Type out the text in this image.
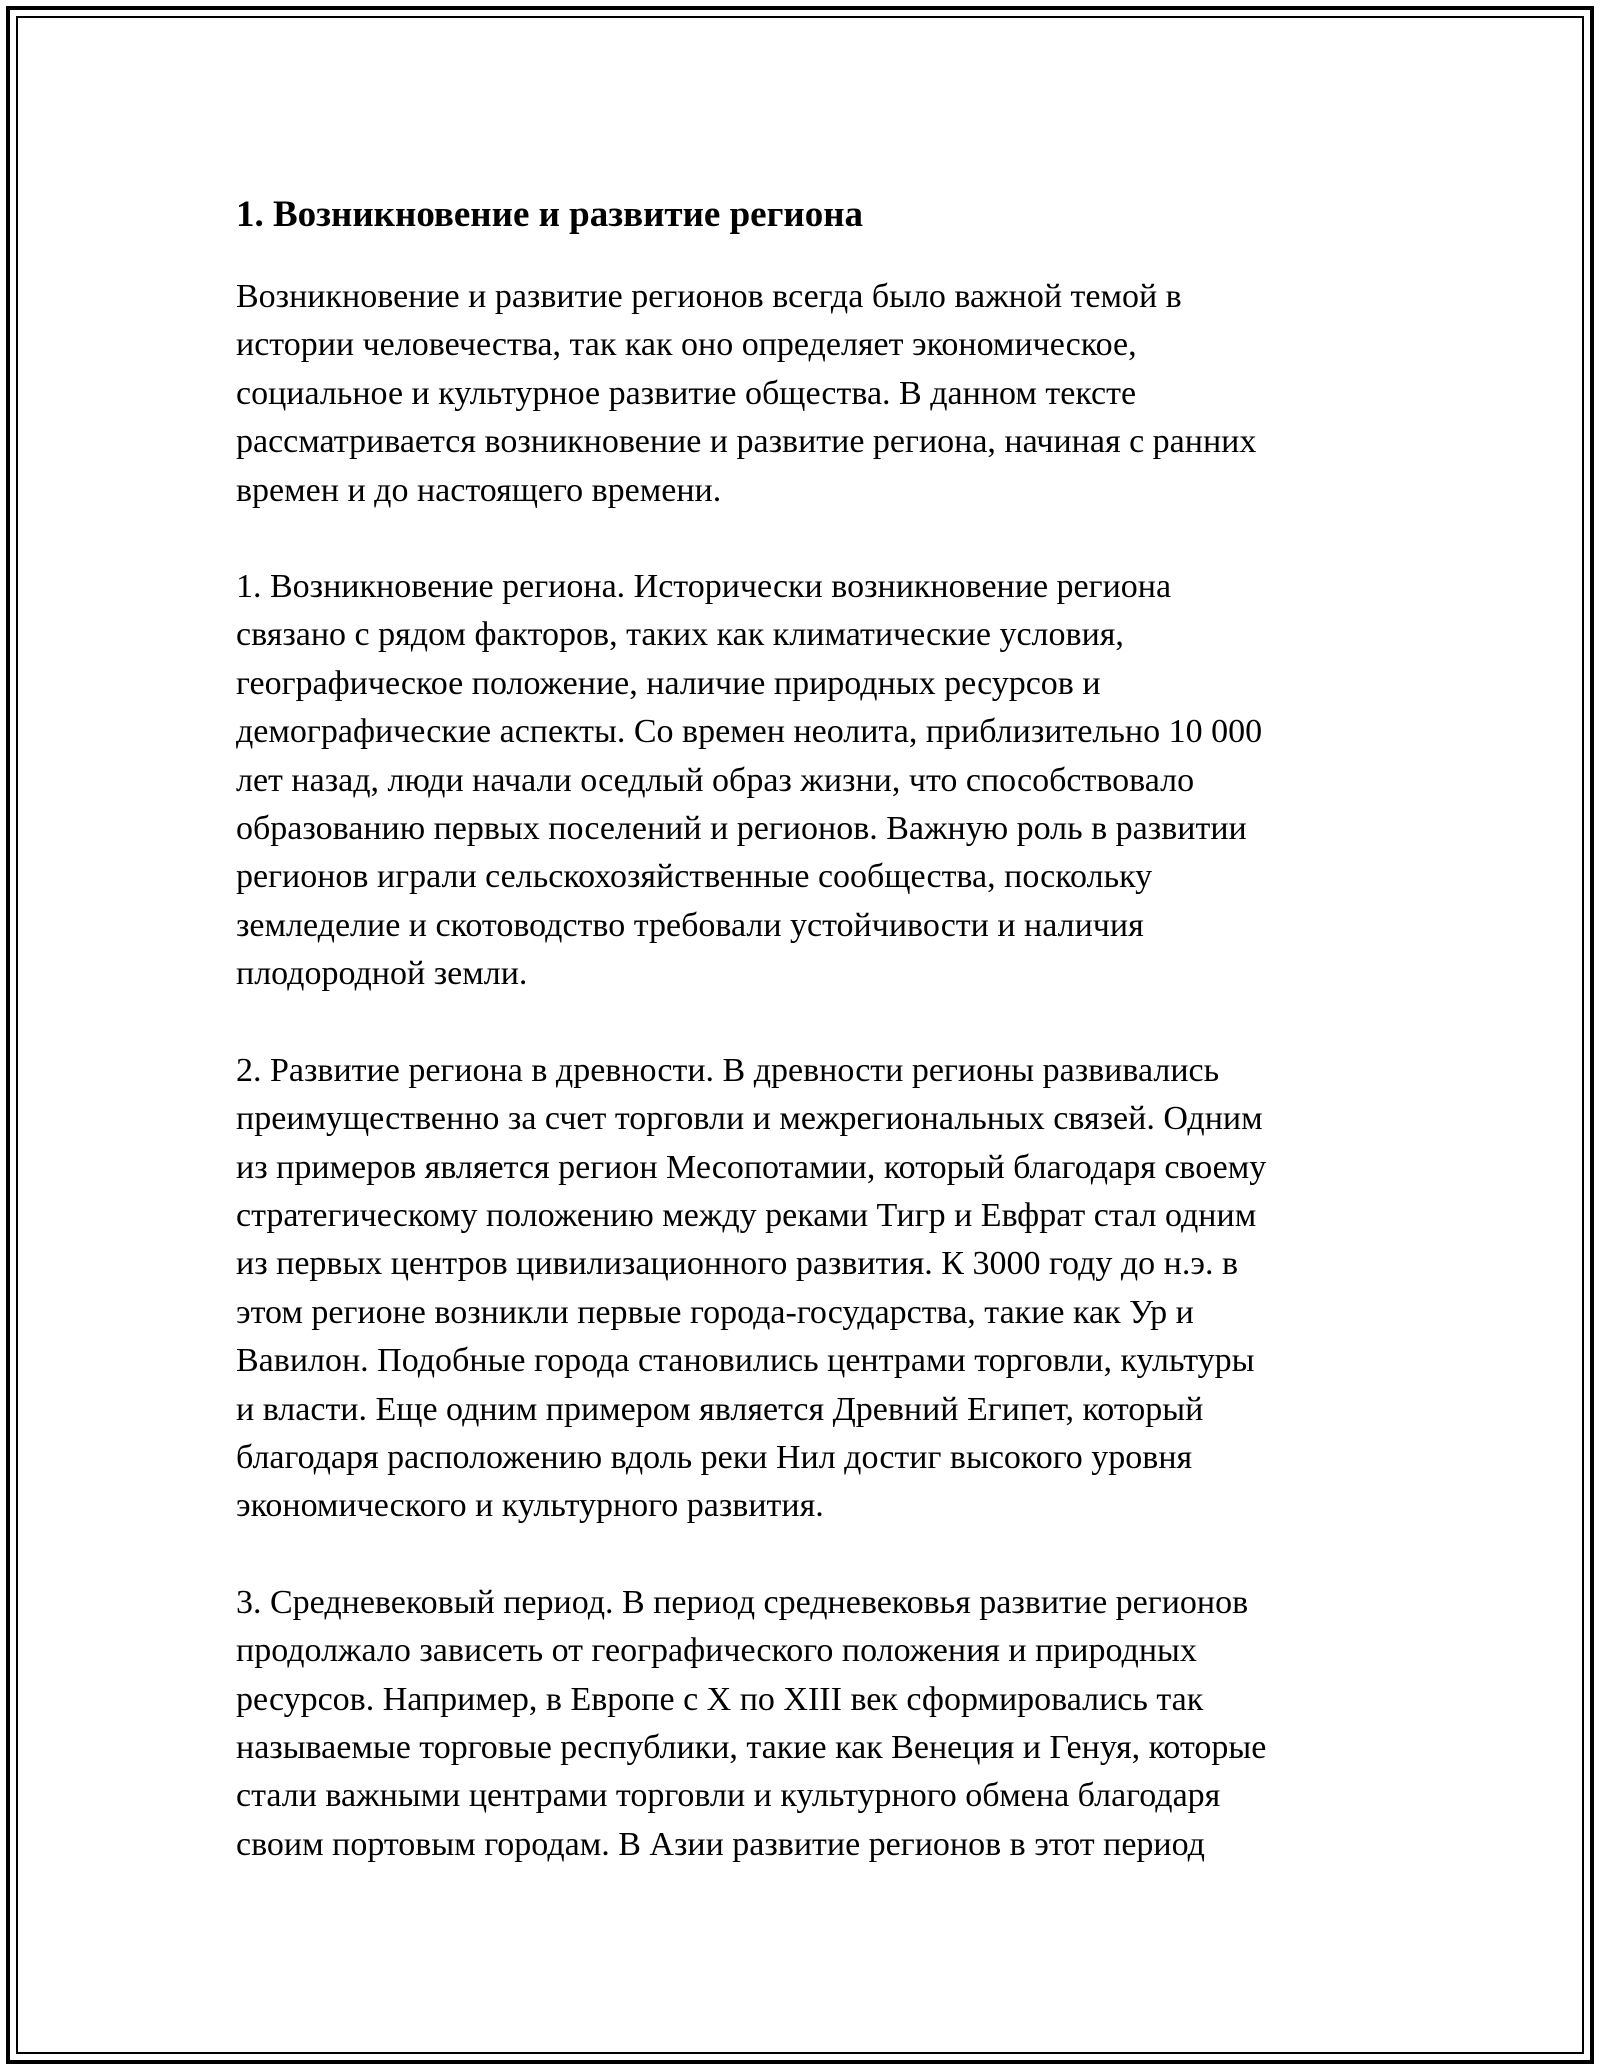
1. Возникновение и развитие региона

Возникновение и развитие регионов всегда было важной темой в
истории человечества, так как оно определяет экономическое,
социальное и культурное развитие общества. В данном тексте
рассматривается возникновение и развитие региона, начиная с ранних
времен и до настоящего времени.

1. Возникновение региона. Исторически возникновение региона
связано с рядом факторов, таких как климатические условия,
географическое положение, наличие природных ресурсов и
демографические аспекты. Со времен неолита, приблизительно 10 000
лет назад, люди начали оседлый образ жизни, что способствовало
образованию первых поселений и регионов. Важную роль в развитии
регионов играли сельскохозяйственные сообщества, поскольку
земледелие и скотоводство требовали устойчивости и наличия
плодородной земли.

2. Развитие региона в древности. В древности регионы развивались
преимущественно за счет торговли и межрегиональных связей. Одним
из примеров является регион Месопотамии, который благодаря своему
стратегическому положению между реками Тигр и Евфрат стал одним
из первых центров цивилизационного развития. К 3000 году до н.э. в
этом регионе возникли первые города-государства, такие как Ур и
Вавилон. Подобные города становились центрами торговли, культуры
и власти. Еще одним примером является Древний Египет, который
благодаря расположению вдоль реки Нил достиг высокого уровня
экономического и культурного развития.

3. Средневековый период. В период средневековья развитие регионов
продолжало зависеть от географического положения и природных
ресурсов. Например, в Европе с X по XIII век сформировались так
называемые торговые республики, такие как Венеция и Генуя, которые
стали важными центрами торговли и культурного обмена благодаря
своим портовым городам. В Азии развитие регионов в этот период
